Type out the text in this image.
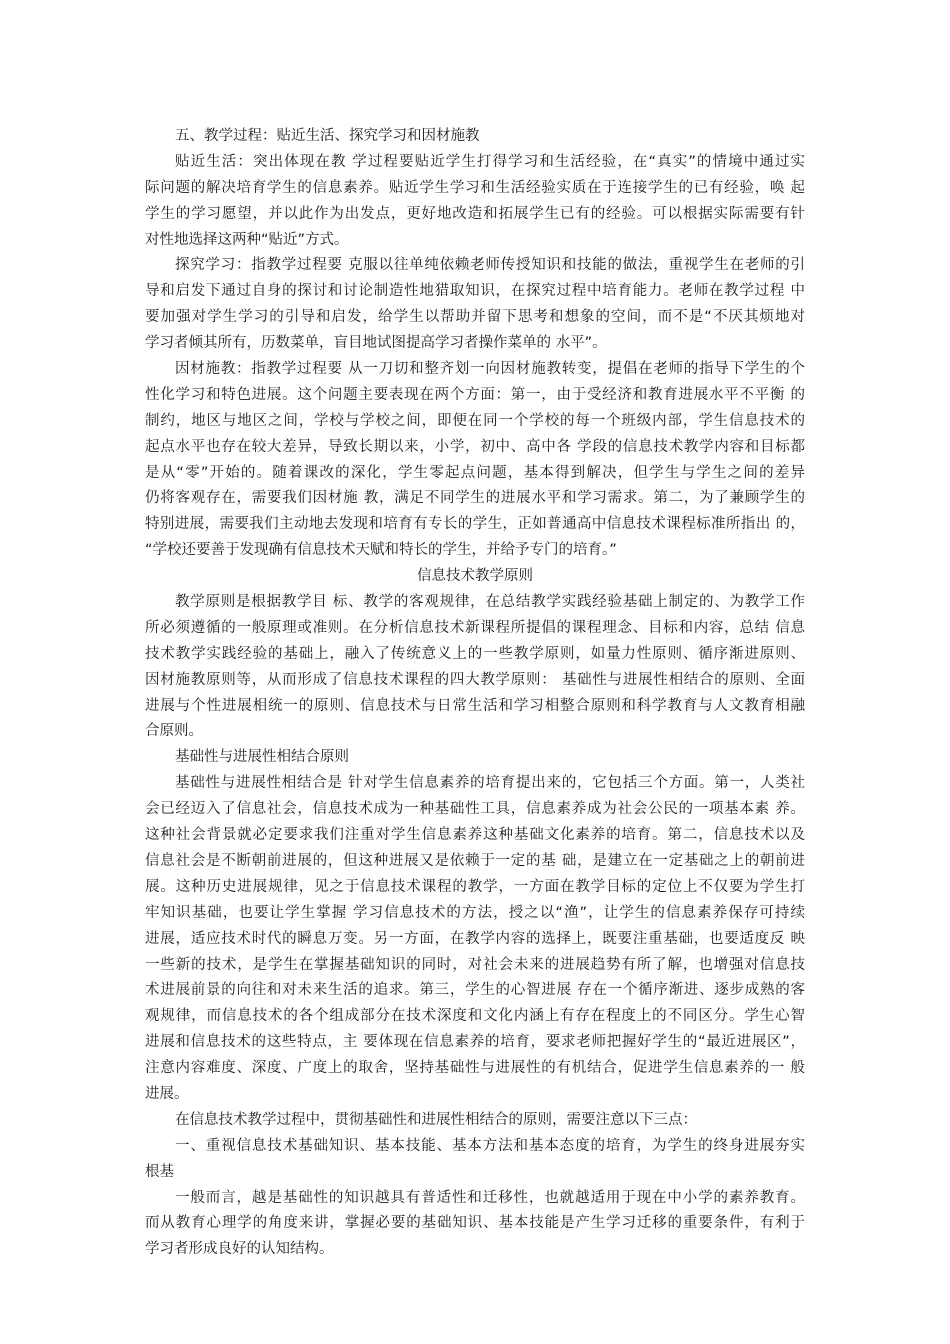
五、教学过程：贴近生活、探究学习和因材施教
贴近生活：突出体现在教 学过程要贴近学生打得学习和生活经验，在“真实”的情境中通过实
际问题的解决培育学生的信息素养。贴近学生学习和生活经验实质在于连接学生的已有经验，唤 起
学生的学习愿望，并以此作为出发点，更好地改造和拓展学生已有的经验。可以根据实际需要有针
对性地选择这两种“贴近”方式。
探究学习：指教学过程要 克服以往单纯依赖老师传授知识和技能的做法，重视学生在老师的引
导和启发下通过自身的探讨和讨论制造性地猎取知识，在探究过程中培育能力。老师在教学过程 中
要加强对学生学习的引导和启发，给学生以帮助并留下思考和想象的空间，而不是“不厌其烦地对
学习者倾其所有，历数菜单，盲目地试图提高学习者操作菜单的 水平”。
因材施教：指教学过程要 从一刀切和整齐划一向因材施教转变，提倡在老师的指导下学生的个
性化学习和特色进展。这个问题主要表现在两个方面：第一，由于受经济和教育进展水平不平衡 的
制约，地区与地区之间，学校与学校之间，即便在同一个学校的每一个班级内部，学生信息技术的
起点水平也存在较大差异，导致长期以来，小学，初中、高中各 学段的信息技术教学内容和目标都
是从“零”开始的。随着课改的深化，学生零起点问题，基本得到解决，但学生与学生之间的差异
仍将客观存在，需要我们因材施 教，满足不同学生的进展水平和学习需求。第二，为了兼顾学生的
特别进展，需要我们主动地去发现和培育有专长的学生，正如普通高中信息技术课程标准所指出 的，
“学校还要善于发现确有信息技术天赋和特长的学生，并给予专门的培育。”
信息技术教学原则
教学原则是根据教学目 标、教学的客观规律，在总结教学实践经验基础上制定的、为教学工作
所必须遵循的一般原理或准则。在分析信息技术新课程所提倡的课程理念、目标和内容，总结 信息
技术教学实践经验的基础上，融入了传统意义上的一些教学原则，如量力性原则、循序渐进原则、
因材施教原则等，从而形成了信息技术课程的四大教学原则： 基础性与进展性相结合的原则、全面
进展与个性进展相统一的原则、信息技术与日常生活和学习相整合原则和科学教育与人文教育相融
合原则。
基础性与进展性相结合原则
基础性与进展性相结合是 针对学生信息素养的培育提出来的，它包括三个方面。第一，人类社
会已经迈入了信息社会，信息技术成为一种基础性工具，信息素养成为社会公民的一项基本素 养。
这种社会背景就必定要求我们注重对学生信息素养这种基础文化素养的培育。第二，信息技术以及
信息社会是不断朝前进展的，但这种进展又是依赖于一定的基 础，是建立在一定基础之上的朝前进
展。这种历史进展规律，见之于信息技术课程的教学，一方面在教学目标的定位上不仅要为学生打
牢知识基础，也要让学生掌握 学习信息技术的方法，授之以“渔”，让学生的信息素养保存可持续
进展，适应技术时代的瞬息万变。另一方面，在教学内容的选择上，既要注重基础，也要适度反 映
一些新的技术，是学生在掌握基础知识的同时，对社会未来的进展趋势有所了解，也增强对信息技
术进展前景的向往和对未来生活的追求。第三，学生的心智进展 存在一个循序渐进、逐步成熟的客
观规律，而信息技术的各个组成部分在技术深度和文化内涵上有存在程度上的不同区分。学生心智
进展和信息技术的这些特点，主 要体现在信息素养的培育，要求老师把握好学生的“最近进展区”，
注意内容难度、深度、广度上的取舍，坚持基础性与进展性的有机结合，促进学生信息素养的一 般
进展。
在信息技术教学过程中，贯彻基础性和进展性相结合的原则，需要注意以下三点：
一、重视信息技术基础知识、基本技能、基本方法和基本态度的培育，为学生的终身进展夯实
根基
一般而言，越是基础性的知识越具有普适性和迁移性，也就越适用于现在中小学的素养教育。
而从教育心理学的角度来讲，掌握必要的基础知识、基本技能是产生学习迁移的重要条件，有利于
学习者形成良好的认知结构。
